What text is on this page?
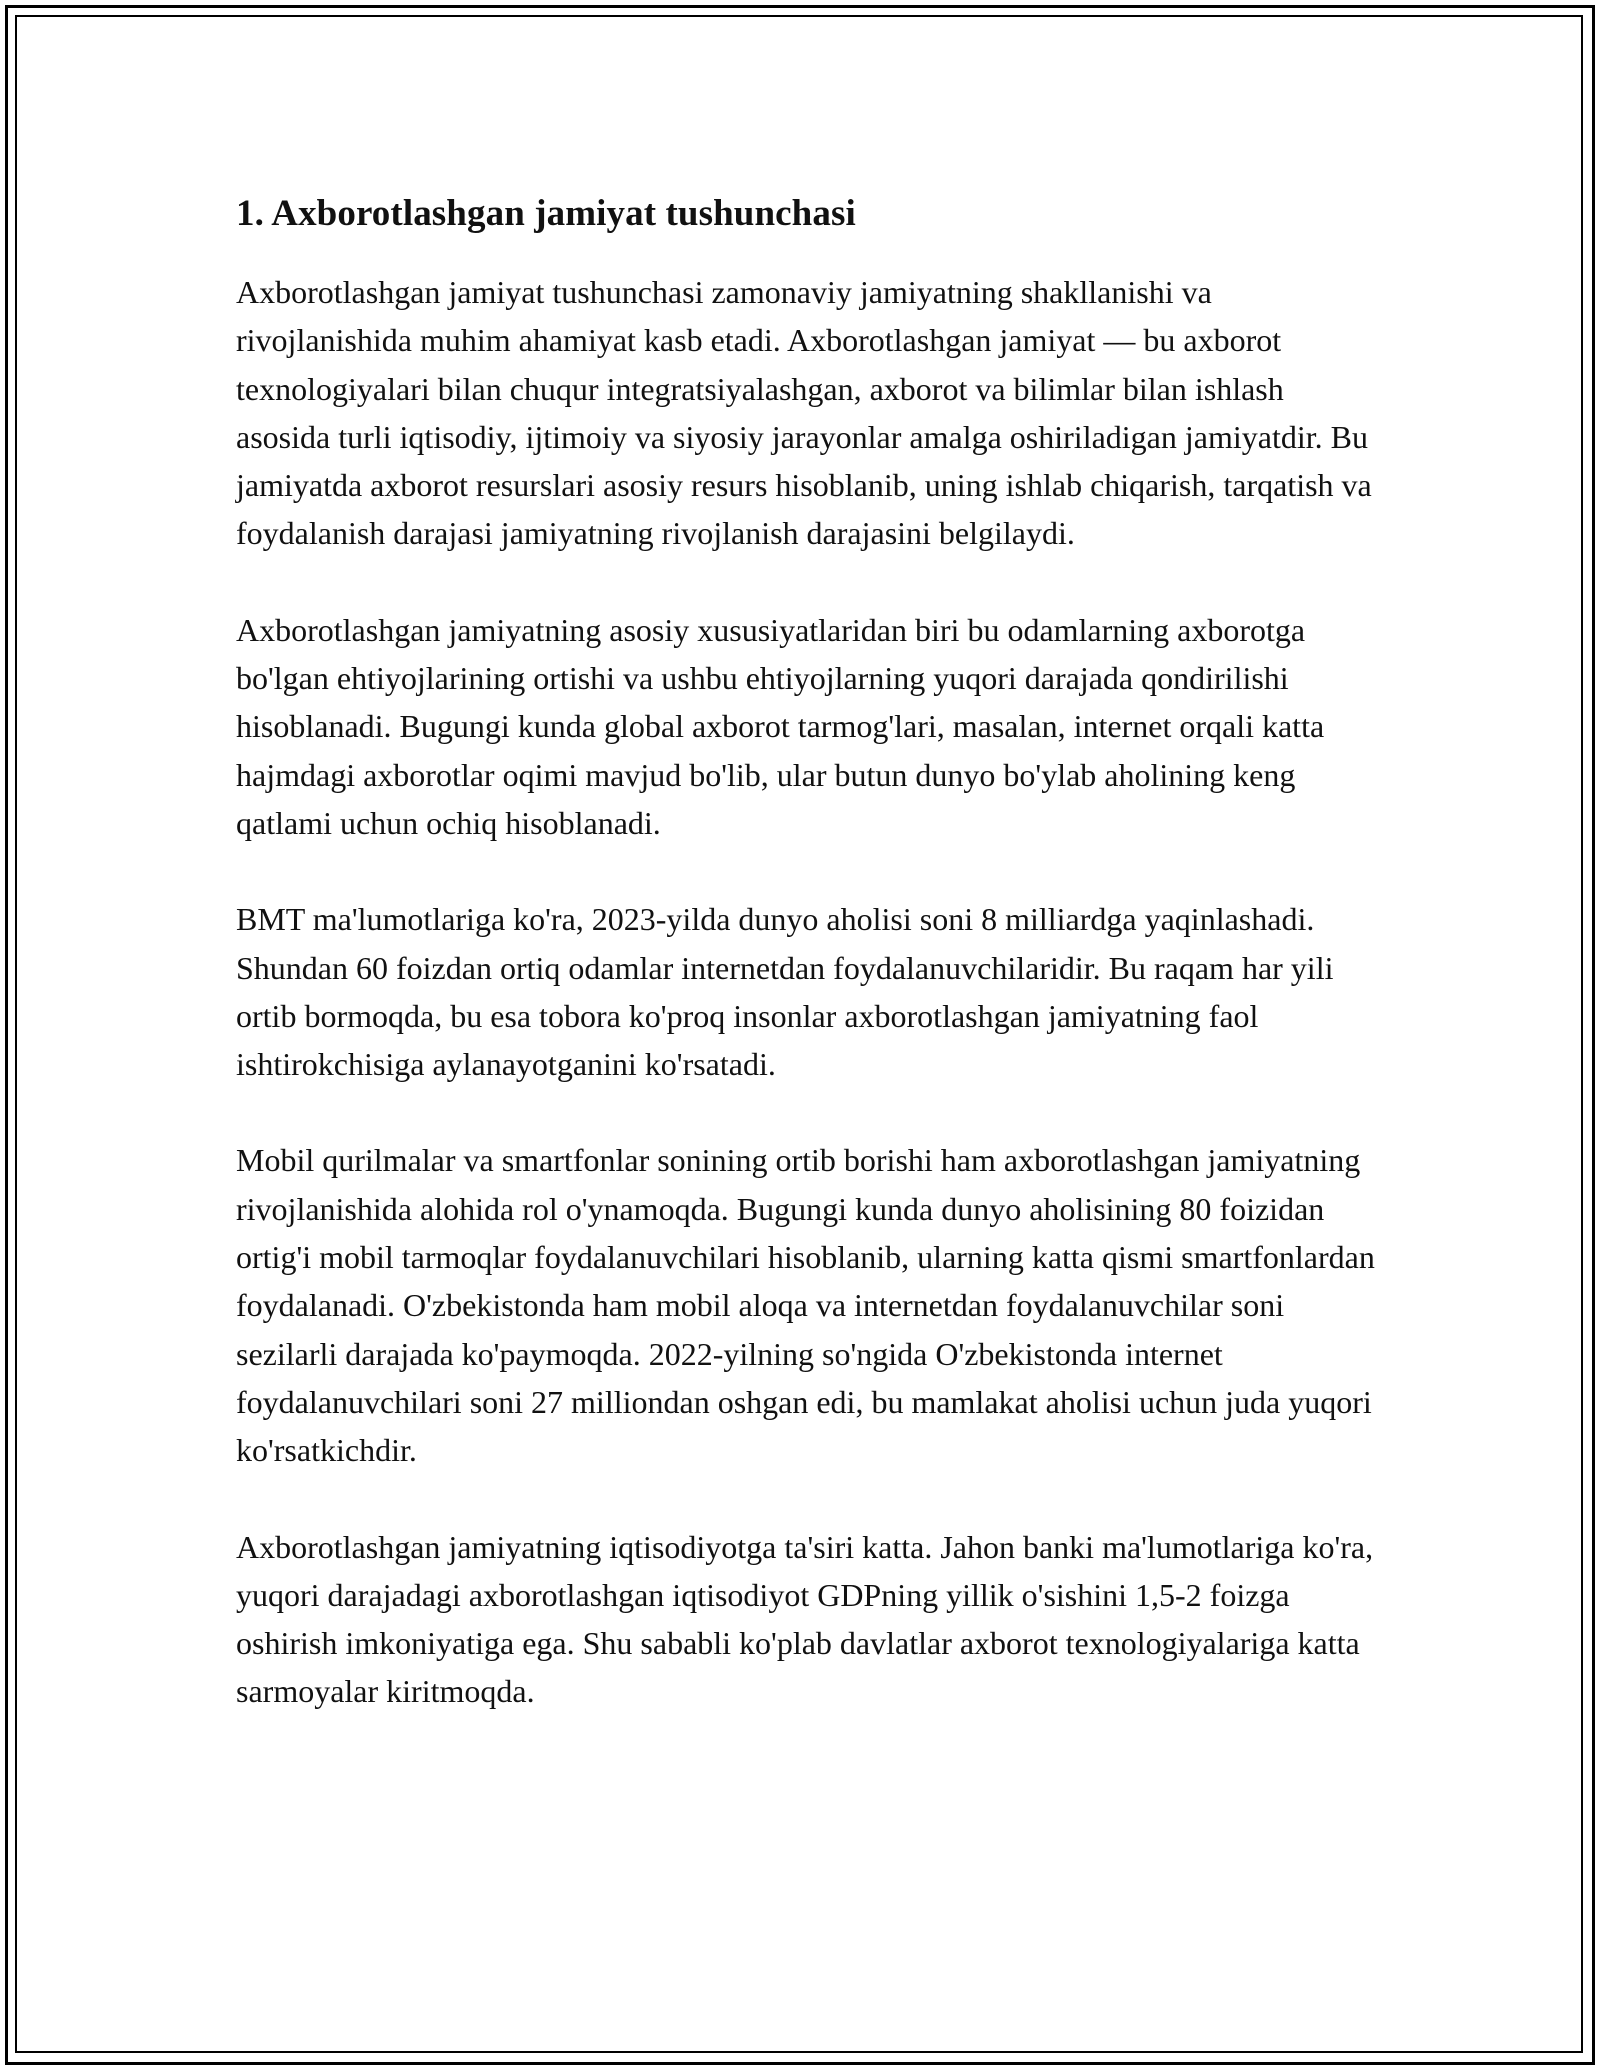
1. Axborotlashgan jamiyat tushunchasi

Axborotlashgan jamiyat tushunchasi zamonaviy jamiyatning shakllanishi va rivojlanishida muhim ahamiyat kasb etadi. Axborotlashgan jamiyat — bu axborot texnologiyalari bilan chuqur integratsiyalashgan, axborot va bilimlar bilan ishlash asosida turli iqtisodiy, ijtimoiy va siyosiy jarayonlar amalga oshiriladigan jamiyatdir. Bu jamiyatda axborot resurslari asosiy resurs hisoblanib, uning ishlab chiqarish, tarqatish va foydalanish darajasi jamiyatning rivojlanish darajasini belgilaydi.

Axborotlashgan jamiyatning asosiy xususiyatlaridan biri bu odamlarning axborotga bo'lgan ehtiyojlarining ortishi va ushbu ehtiyojlarning yuqori darajada qondirilishi hisoblanadi. Bugungi kunda global axborot tarmog'lari, masalan, internet orqali katta hajmdagi axborotlar oqimi mavjud bo'lib, ular butun dunyo bo'ylab aholining keng qatlami uchun ochiq hisoblanadi.

BMT ma'lumotlariga ko'ra, 2023-yilda dunyo aholisi soni 8 milliardga yaqinlashadi. Shundan 60 foizdan ortiq odamlar internetdan foydalanuvchilaridir. Bu raqam har yili ortib bormoqda, bu esa tobora ko'proq insonlar axborotlashgan jamiyatning faol ishtirokchisiga aylanayotganini ko'rsatadi.

Mobil qurilmalar va smartfonlar sonining ortib borishi ham axborotlashgan jamiyatning rivojlanishida alohida rol o'ynamoqda. Bugungi kunda dunyo aholisining 80 foizidan ortig'i mobil tarmoqlar foydalanuvchilari hisoblanib, ularning katta qismi smartfonlardan foydalanadi. O'zbekistonda ham mobil aloqa va internetdan foydalanuvchilar soni sezilarli darajada ko'paymoqda. 2022-yilning so'ngida O'zbekistonda internet foydalanuvchilari soni 27 milliondan oshgan edi, bu mamlakat aholisi uchun juda yuqori ko'rsatkichdir.

Axborotlashgan jamiyatning iqtisodiyotga ta'siri katta. Jahon banki ma'lumotlariga ko'ra, yuqori darajadagi axborotlashgan iqtisodiyot GDPning yillik o'sishini 1,5-2 foizga oshirish imkoniyatiga ega. Shu sababli ko'plab davlatlar axborot texnologiyalariga katta sarmoyalar kiritmoqda.
